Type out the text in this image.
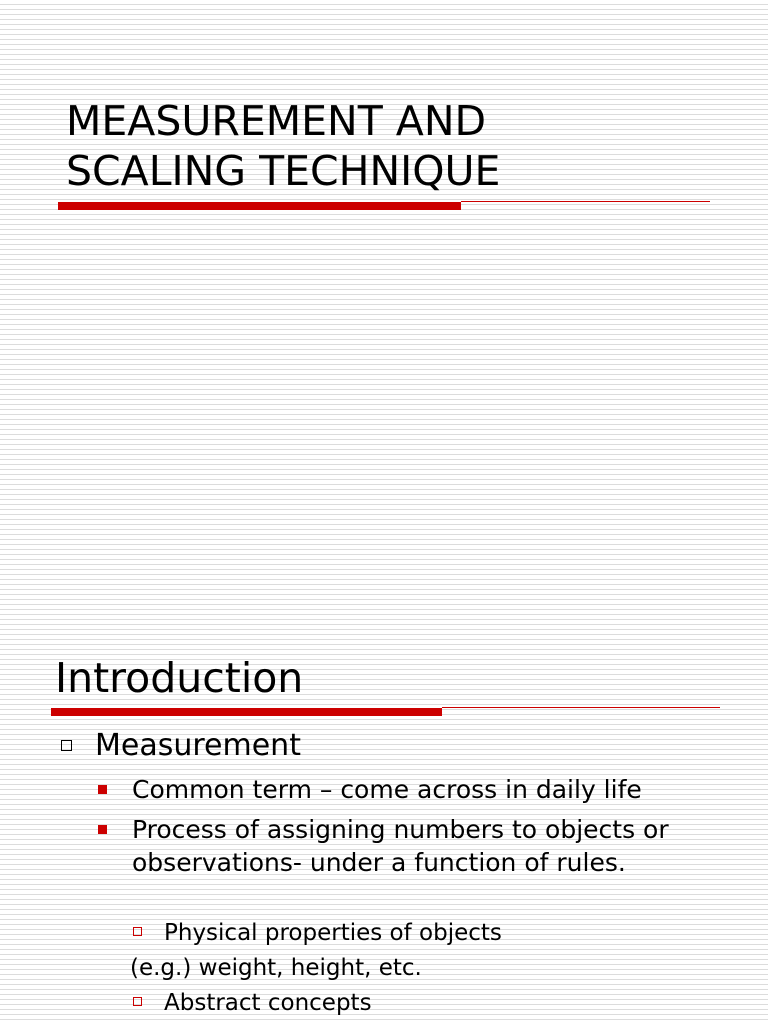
MEASUREMENT AND
SCALING TECHNIQUE
Introduction
Measurement
Common term – come across in daily life
Process of assigning numbers to objects or observations- under a function of rules.
Physical properties of objects
(e.g.) weight, height, etc.
Abstract concepts
